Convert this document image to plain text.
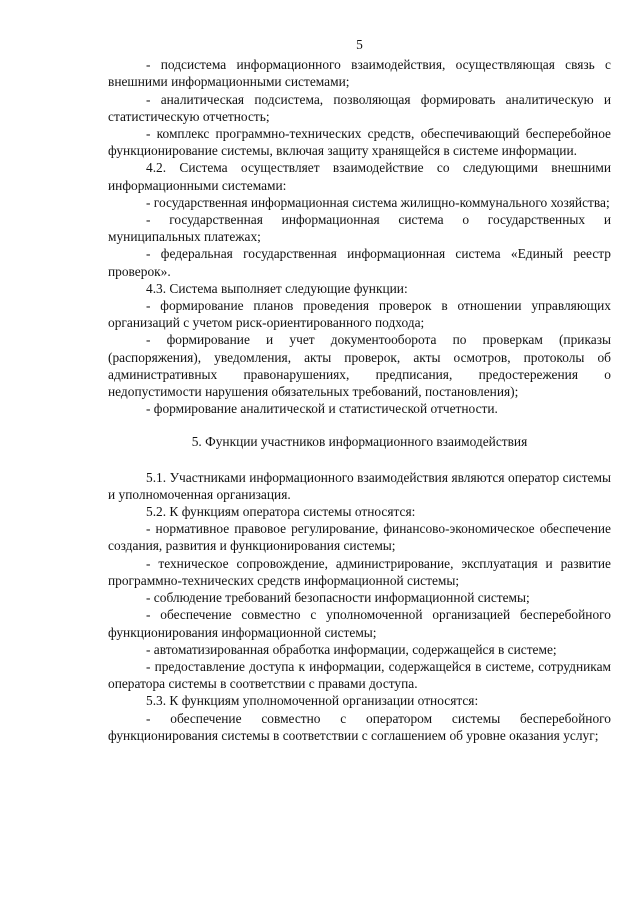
5

- подсистема информационного взаимодействия, осуществляющая связь с внешними информационными системами;

- аналитическая подсистема, позволяющая формировать аналитическую и статистическую отчетность;

- комплекс программно-технических средств, обеспечивающий бесперебойное функционирование системы, включая защиту хранящейся в системе информации.

4.2. Система осуществляет взаимодействие со следующими внешними информационными системами:

- государственная информационная система жилищно-коммунального хозяйства;

- государственная информационная система о государственных и муниципальных платежах;

- федеральная государственная информационная система «Единый реестр проверок».

4.3. Система выполняет следующие функции:

- формирование планов проведения проверок в отношении управляющих организаций с учетом риск-ориентированного подхода;

- формирование и учет документооборота по проверкам (приказы (распоряжения), уведомления, акты проверок, акты осмотров, протоколы об административных правонарушениях, предписания, предостережения о недопустимости нарушения обязательных требований, постановления);

- формирование аналитической и статистической отчетности.

5. Функции участников информационного взаимодействия

5.1. Участниками информационного взаимодействия являются оператор системы и уполномоченная организация.

5.2. К функциям оператора системы относятся:

- нормативное правовое регулирование, финансово-экономическое обеспечение создания, развития и функционирования системы;

- техническое сопровождение, администрирование, эксплуатация и развитие программно-технических средств информационной системы;

- соблюдение требований безопасности информационной системы;

- обеспечение совместно с уполномоченной организацией бесперебойного функционирования информационной системы;

- автоматизированная обработка информации, содержащейся в системе;

- предоставление доступа к информации, содержащейся в системе, сотрудникам оператора системы в соответствии с правами доступа.

5.3. К функциям уполномоченной организации относятся:

- обеспечение совместно с оператором системы бесперебойного функционирования системы в соответствии с соглашением об уровне оказания услуг;
